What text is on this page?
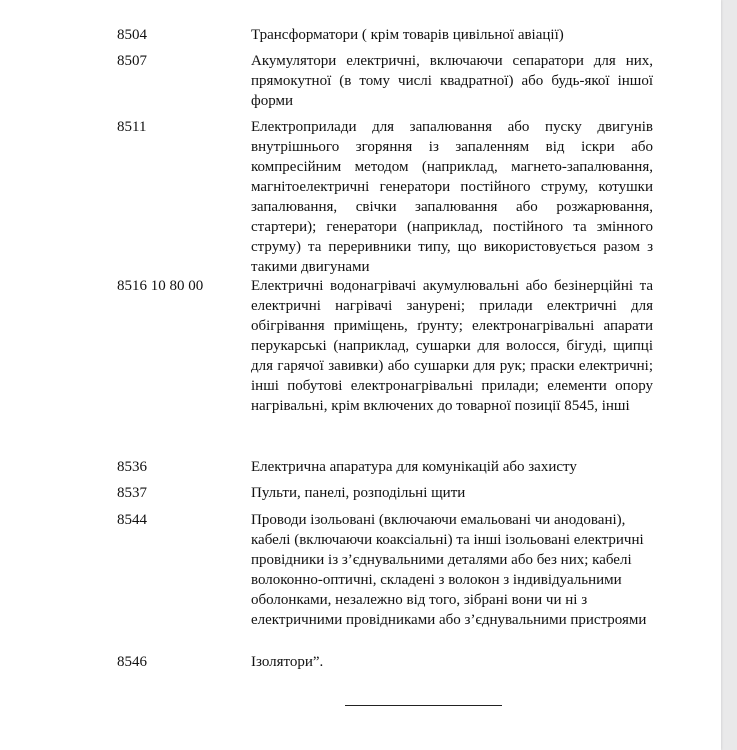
8504	Трансформатори ( крім товарів цивільної авіації)
8507	Акумулятори електричні, включаючи сепаратори для них, прямокутної (в тому числі квадратної) або будь-якої іншої форми
8511	Електроприлади для запалювання або пуску двигунів внутрішнього згоряння із запаленням від іскри або компресійним методом (наприклад, магнето-запалювання, магнітоелектричні генератори постійного струму, котушки запалювання, свічки запалювання або розжарювання, стартери); генератори (наприклад, постійного та змінного струму) та переривники типу, що використовується разом з такими двигунами
8516 10 80 00	Електричні водонагрівачі акумулювальні або безінерційні та електричні нагрівачі занурені; прилади електричні для обігрівання приміщень, ґрунту; електронагрівальні апарати перукарські (наприклад, сушарки для волосся, бігуді, щипці для гарячої завивки) або сушарки для рук; праски електричні; інші побутові електронагрівальні прилади; елементи опору нагрівальні, крім включених до товарної позиції 8545, інші
8536	Електрична апаратура для комунікацій або захисту
8537	Пульти, панелі, розподільні щити
8544	Проводи ізольовані (включаючи емальовані чи анодовані), кабелі (включаючи коаксіальні) та інші ізольовані електричні провідники із з’єднувальними деталями або без них; кабелі волоконно-оптичні, складені з волокон з індивідуальними оболонками, незалежно від того, зібрані вони чи ні з електричними провідниками або з’єднувальними пристроями
8546	Ізолятори”.
